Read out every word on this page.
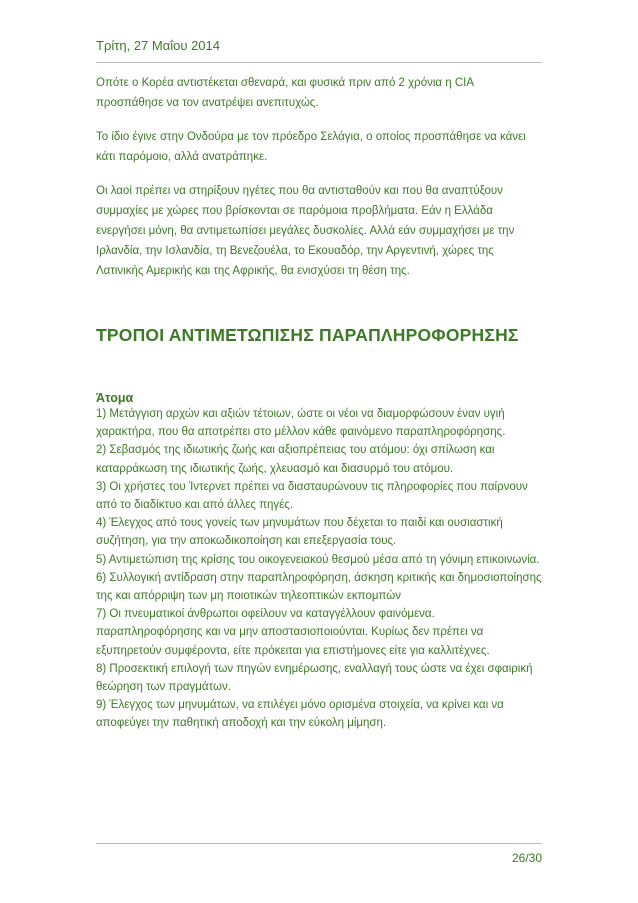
Τρίτη, 27 Μαΐου 2014

Οπότε ο Κορέα αντιστέκεται σθεναρά, και φυσικά πριν από 2 χρόνια η CIA προσπάθησε να τον ανατρέψει ανεπιτυχώς.

Το ίδιο έγινε στην Ονδούρα με τον πρόεδρο Σελάγια, ο οποίος προσπάθησε να κάνει κάτι παρόμοιο, αλλά ανατράπηκε.

Οι λαοί πρέπει να στηρίξουν ηγέτες που θα αντισταθούν και που θα αναπτύξουν συμμαχίες με χώρες που βρίσκονται σε παρόμοια προβλήματα. Εάν η Ελλάδα ενεργήσει μόνη, θα αντιμετωπίσει μεγάλες δυσκολίες. Αλλά εάν συμμαχήσει με την Ιρλανδία, την Ισλανδία, τη Βενεζουέλα, το Εκουαδόρ, την Αργεντινή, χώρες της Λατινικής Αμερικής και της Αφρικής, θα ενισχύσει τη θέση της.

ΤΡΟΠΟΙ ΑΝΤΙΜΕΤΩΠΙΣΗΣ ΠΑΡΑΠΛΗΡΟΦΟΡΗΣΗΣ
Άτομα
1) Μετάγγιση αρχών και αξιών τέτοιων, ώστε οι νέοι να διαμορφώσουν έναν υγιή χαρακτήρα, που θα αποτρέπει στο μέλλον κάθε φαινόμενο παραπληροφόρησης.
2) Σεβασμός της ιδιωτικής ζωής και αξιοπρέπειας του ατόμου: όχι σπίλωση και καταρράκωση της ιδιωτικής ζωής, χλευασμό και διασυρμό του ατόμου.
3) Οι χρήστες του Ίντερνετ πρέπει να διασταυρώνουν τις πληροφορίες που παίρνουν από το διαδίκτυο και από άλλες πηγές.
4) Έλεγχος από τους γονείς των μηνυμάτων που δέχεται το παιδί και ουσιαστική συζήτηση, για την αποκωδικοποίηση και επεξεργασία τους.
5) Αντιμετώπιση της κρίσης του οικογενειακού θεσμού μέσα από τη γόνιμη επικοινωνία.
6) Συλλογική αντίδραση στην παραπληροφόρηση, άσκηση κριτικής και δημοσιοποίησης της και απόρριψη των μη ποιοτικών τηλεοπτικών εκπομπών
7) Οι πνευματικοί άνθρωποι οφείλουν να καταγγέλλουν φαινόμενα. παραπληροφόρησης και να μην αποστασιοποιούνται. Κυρίως δεν πρέπει να εξυπηρετούν συμφέροντα, είτε πρόκειται για επιστήμονες είτε για καλλιτέχνες.
8) Προσεκτική επιλογή των πηγών ενημέρωσης, εναλλαγή τους ώστε να έχει σφαιρική θεώρηση των πραγμάτων.
9) Έλεγχος των μηνυμάτων, να επιλέγει μόνο ορισμένα στοιχεία, να κρίνει και να αποφεύγει την παθητική αποδοχή και την εύκολη μίμηση.
26/30
